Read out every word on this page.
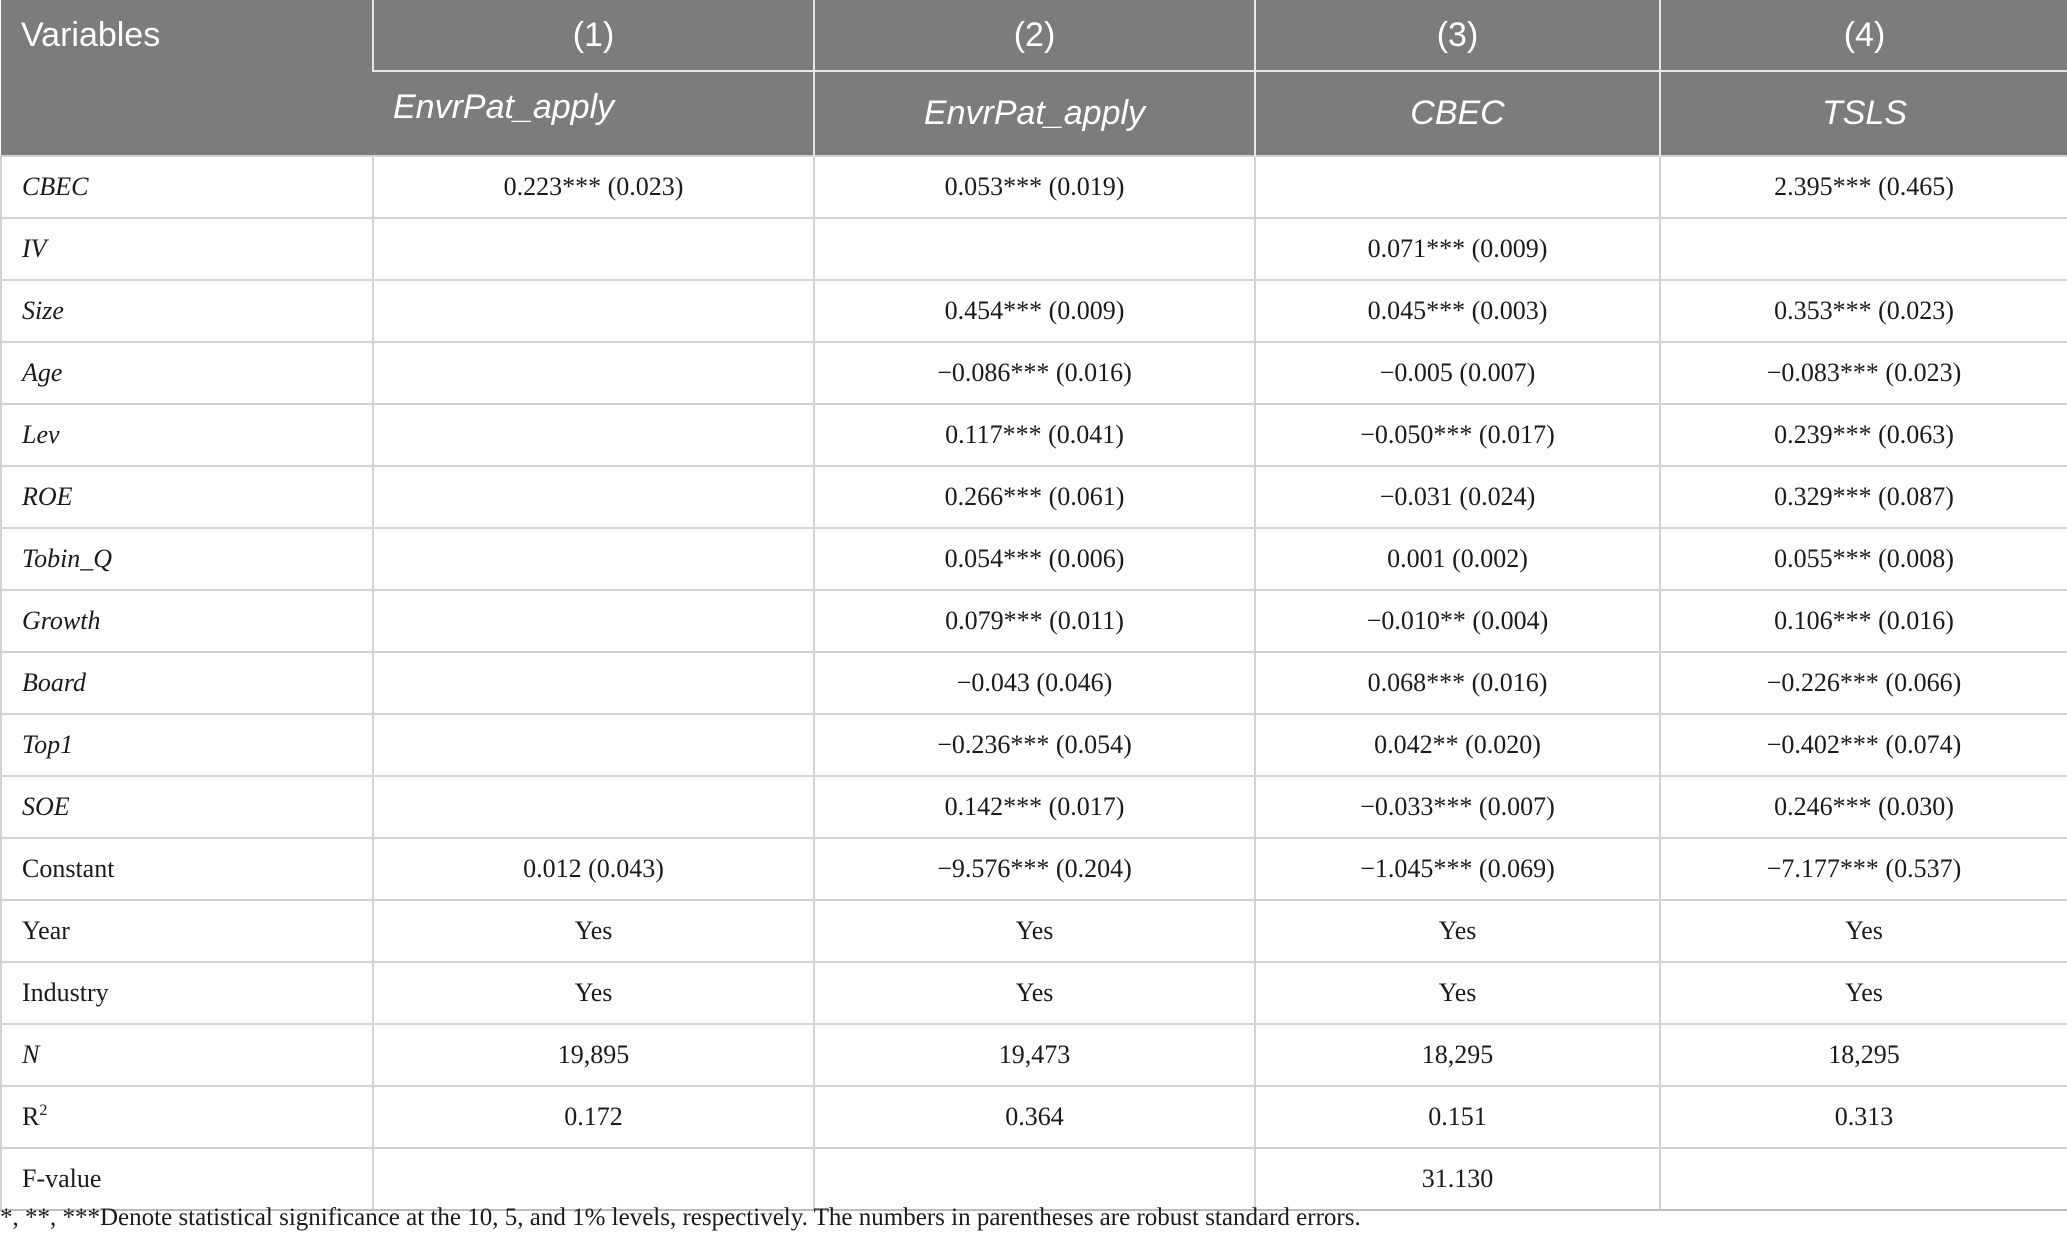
Variables	(1)	(2)	(3)	(4)
	EnvrPat_apply	EnvrPat_apply	CBEC	TSLS
CBEC	0.223*** (0.023)	0.053*** (0.019)		2.395*** (0.465)
IV			0.071*** (0.009)	
Size		0.454*** (0.009)	0.045*** (0.003)	0.353*** (0.023)
Age		−0.086*** (0.016)	−0.005 (0.007)	−0.083*** (0.023)
Lev		0.117*** (0.041)	−0.050*** (0.017)	0.239*** (0.063)
ROE		0.266*** (0.061)	−0.031 (0.024)	0.329*** (0.087)
Tobin_Q		0.054*** (0.006)	0.001 (0.002)	0.055*** (0.008)
Growth		0.079*** (0.011)	−0.010** (0.004)	0.106*** (0.016)
Board		−0.043 (0.046)	0.068*** (0.016)	−0.226*** (0.066)
Top1		−0.236*** (0.054)	0.042** (0.020)	−0.402*** (0.074)
SOE		0.142*** (0.017)	−0.033*** (0.007)	0.246*** (0.030)
Constant	0.012 (0.043)	−9.576*** (0.204)	−1.045*** (0.069)	−7.177*** (0.537)
Year	Yes	Yes	Yes	Yes
Industry	Yes	Yes	Yes	Yes
N	19,895	19,473	18,295	18,295
$R^2$	0.172	0.364	0.151	0.313
F-value			31.130	
*, **, ***Denote statistical significance at the 10, 5, and 1% levels, respectively. The numbers in parentheses are robust standard errors.
